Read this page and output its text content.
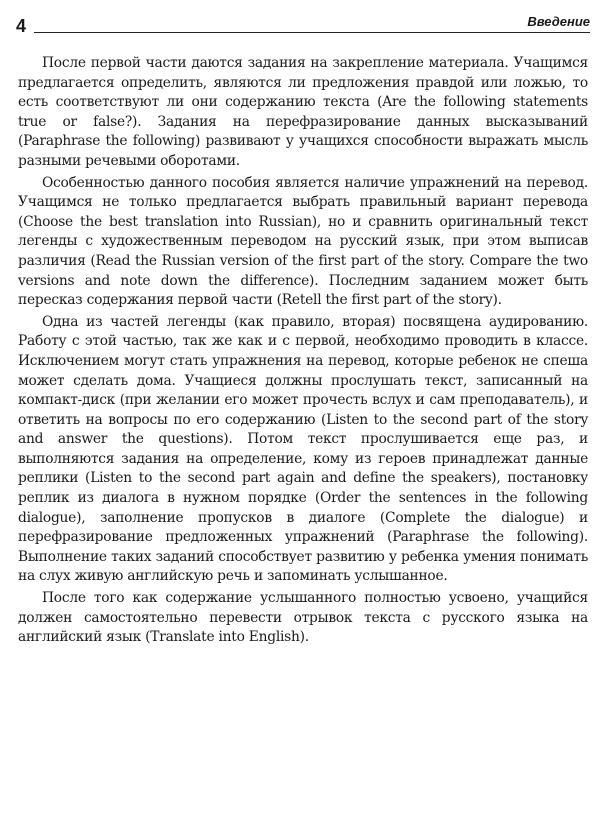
4	Введение

После первой части даются задания на закрепление материала. Учащимся предлагается определить, являются ли предложения правдой или ложью, то есть соответствуют ли они содержанию текста (Are the following statements true or false?). Задания на перефразирование данных высказываний (Paraphrase the following) развивают у учащихся способности выражать мысль разными речевыми оборотами.

Особенностью данного пособия является наличие упражнений на перевод. Учащимся не только предлагается выбрать правильный вариант перевода (Choose the best translation into Russian), но и сравнить оригинальный текст легенды с художественным переводом на русский язык, при этом выписав различия (Read the Russian version of the first part of the story. Compare the two versions and note down the difference). Последним заданием может быть пересказ содержания первой части (Retell the first part of the story).

Одна из частей легенды (как правило, вторая) посвящена аудированию. Работу с этой частью, так же как и с первой, необходимо проводить в классе. Исключением могут стать упражнения на перевод, которые ребенок не спеша может сделать дома. Учащиеся должны прослушать текст, записанный на компакт-диск (при желании его может прочесть вслух и сам преподаватель), и ответить на вопросы по его содержанию (Listen to the second part of the story and answer the questions). Потом текст прослушивается еще раз, и выполняются задания на определение, кому из героев принадлежат данные реплики (Listen to the second part again and define the speakers), постановку реплик из диалога в нужном порядке (Order the sentences in the following dialogue), заполнение пропусков в диалоге (Complete the dialogue) и перефразирование предложенных упражнений (Paraphrase the following). Выполнение таких заданий способствует развитию у ребенка умения понимать на слух живую английскую речь и запоминать услышанное.

После того как содержание услышанного полностью усвоено, учащийся должен самостоятельно перевести отрывок текста с русского языка на английский язык (Translate into English).
